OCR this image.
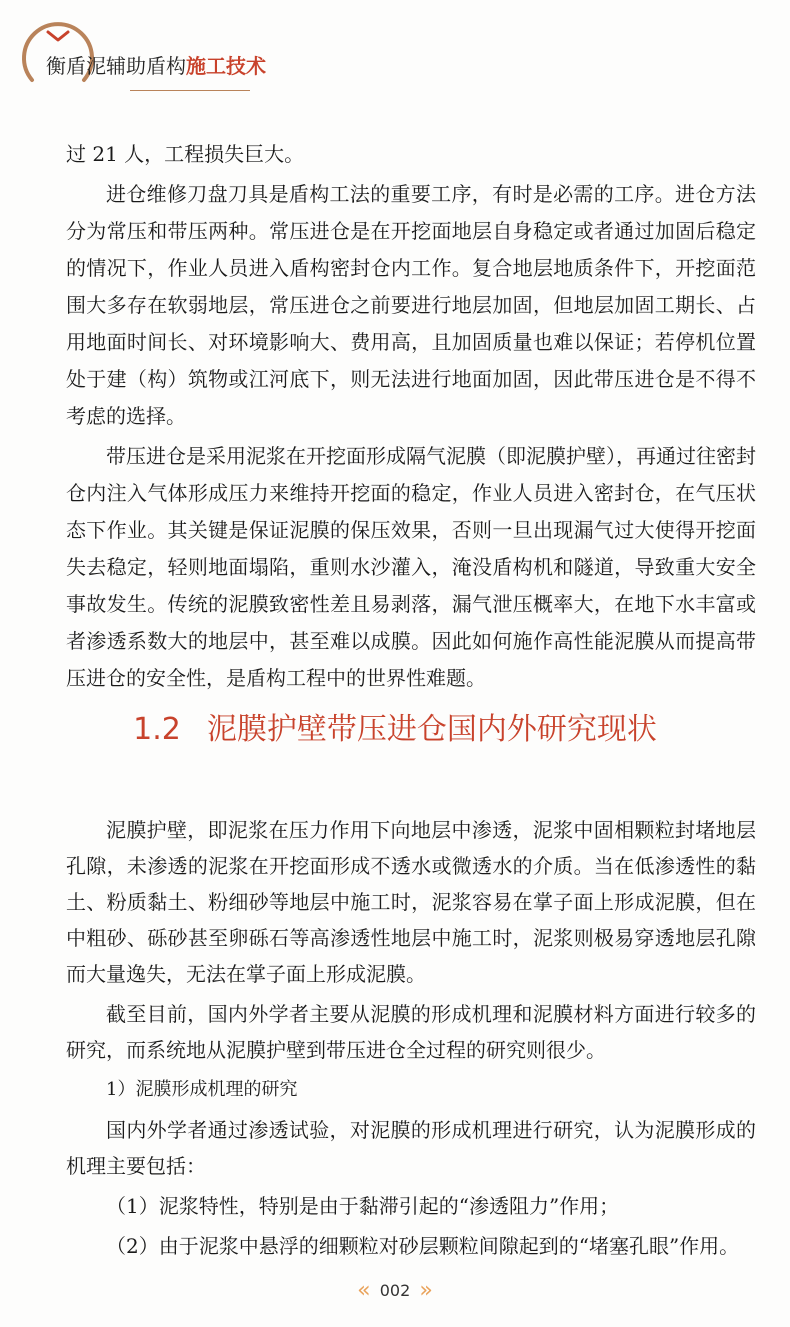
衡盾泥辅助盾构施工技术

过 21 人，工程损失巨大。

进仓维修刀盘刀具是盾构工法的重要工序，有时是必需的工序。进仓方法分为常压和带压两种。常压进仓是在开挖面地层自身稳定或者通过加固后稳定的情况下，作业人员进入盾构密封仓内工作。复合地层地质条件下，开挖面范围大多存在软弱地层，常压进仓之前要进行地层加固，但地层加固工期长、占用地面时间长、对环境影响大、费用高，且加固质量也难以保证；若停机位置处于建（构）筑物或江河底下，则无法进行地面加固，因此带压进仓是不得不考虑的选择。

带压进仓是采用泥浆在开挖面形成隔气泥膜（即泥膜护壁），再通过往密封仓内注入气体形成压力来维持开挖面的稳定，作业人员进入密封仓，在气压状态下作业。其关键是保证泥膜的保压效果，否则一旦出现漏气过大使得开挖面失去稳定，轻则地面塌陷，重则水沙灌入，淹没盾构机和隧道，导致重大安全事故发生。传统的泥膜致密性差且易剥落，漏气泄压概率大，在地下水丰富或者渗透系数大的地层中，甚至难以成膜。因此如何施作高性能泥膜从而提高带压进仓的安全性，是盾构工程中的世界性难题。

1.2 泥膜护壁带压进仓国内外研究现状

泥膜护壁，即泥浆在压力作用下向地层中渗透，泥浆中固相颗粒封堵地层孔隙，未渗透的泥浆在开挖面形成不透水或微透水的介质。当在低渗透性的黏土、粉质黏土、粉细砂等地层中施工时，泥浆容易在掌子面上形成泥膜，但在中粗砂、砾砂甚至卵砾石等高渗透性地层中施工时，泥浆则极易穿透地层孔隙而大量逸失，无法在掌子面上形成泥膜。

截至目前，国内外学者主要从泥膜的形成机理和泥膜材料方面进行较多的研究，而系统地从泥膜护壁到带压进仓全过程的研究则很少。

1）泥膜形成机理的研究

国内外学者通过渗透试验，对泥膜的形成机理进行研究，认为泥膜形成的机理主要包括：

（1）泥浆特性，特别是由于黏滞引起的“渗透阻力”作用；

（2）由于泥浆中悬浮的细颗粒对砂层颗粒间隙起到的“堵塞孔眼”作用。

« 002 »
